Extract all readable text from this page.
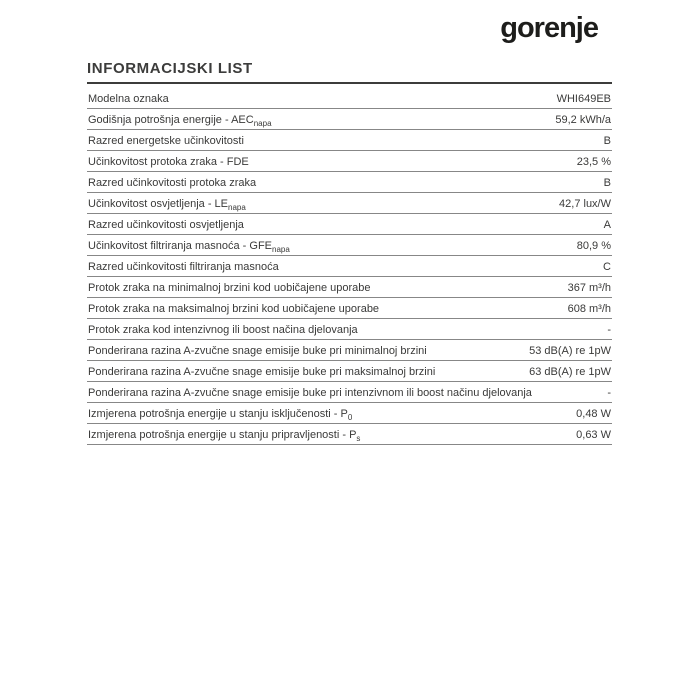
gorenje
INFORMACIJSKI LIST
Modelna oznaka	WHI649EB
Godišnja potrošnja energije - $AEC_{napa}$	59,2 kWh/a
Razred energetske učinkovitosti	B
Učinkovitost protoka zraka - FDE	23,5 %
Razred učinkovitosti protoka zraka	B
Učinkovitost osvjetljenja - $LE_{napa}$	42,7 lux/W
Razred učinkovitosti osvjetljenja	A
Učinkovitost filtriranja masnoća - $GFE_{napa}$	80,9 %
Razred učinkovitosti filtriranja masnoća	C
Protok zraka na minimalnoj brzini kod uobičajene uporabe	367 m³/h
Protok zraka na maksimalnoj brzini kod uobičajene uporabe	608 m³/h
Protok zraka kod intenzivnog ili boost načina djelovanja	-
Ponderirana razina A-zvučne snage emisije buke pri minimalnoj brzini	53 dB(A) re 1pW
Ponderirana razina A-zvučne snage emisije buke pri maksimalnoj brzini	63 dB(A) re 1pW
Ponderirana razina A-zvučne snage emisije buke pri intenzivnom ili boost načinu djelovanja	-
Izmjerena potrošnja energije u stanju isključenosti - $P_0$	0,48 W
Izmjerena potrošnja energije u stanju pripravljenosti - $P_s$	0,63 W
